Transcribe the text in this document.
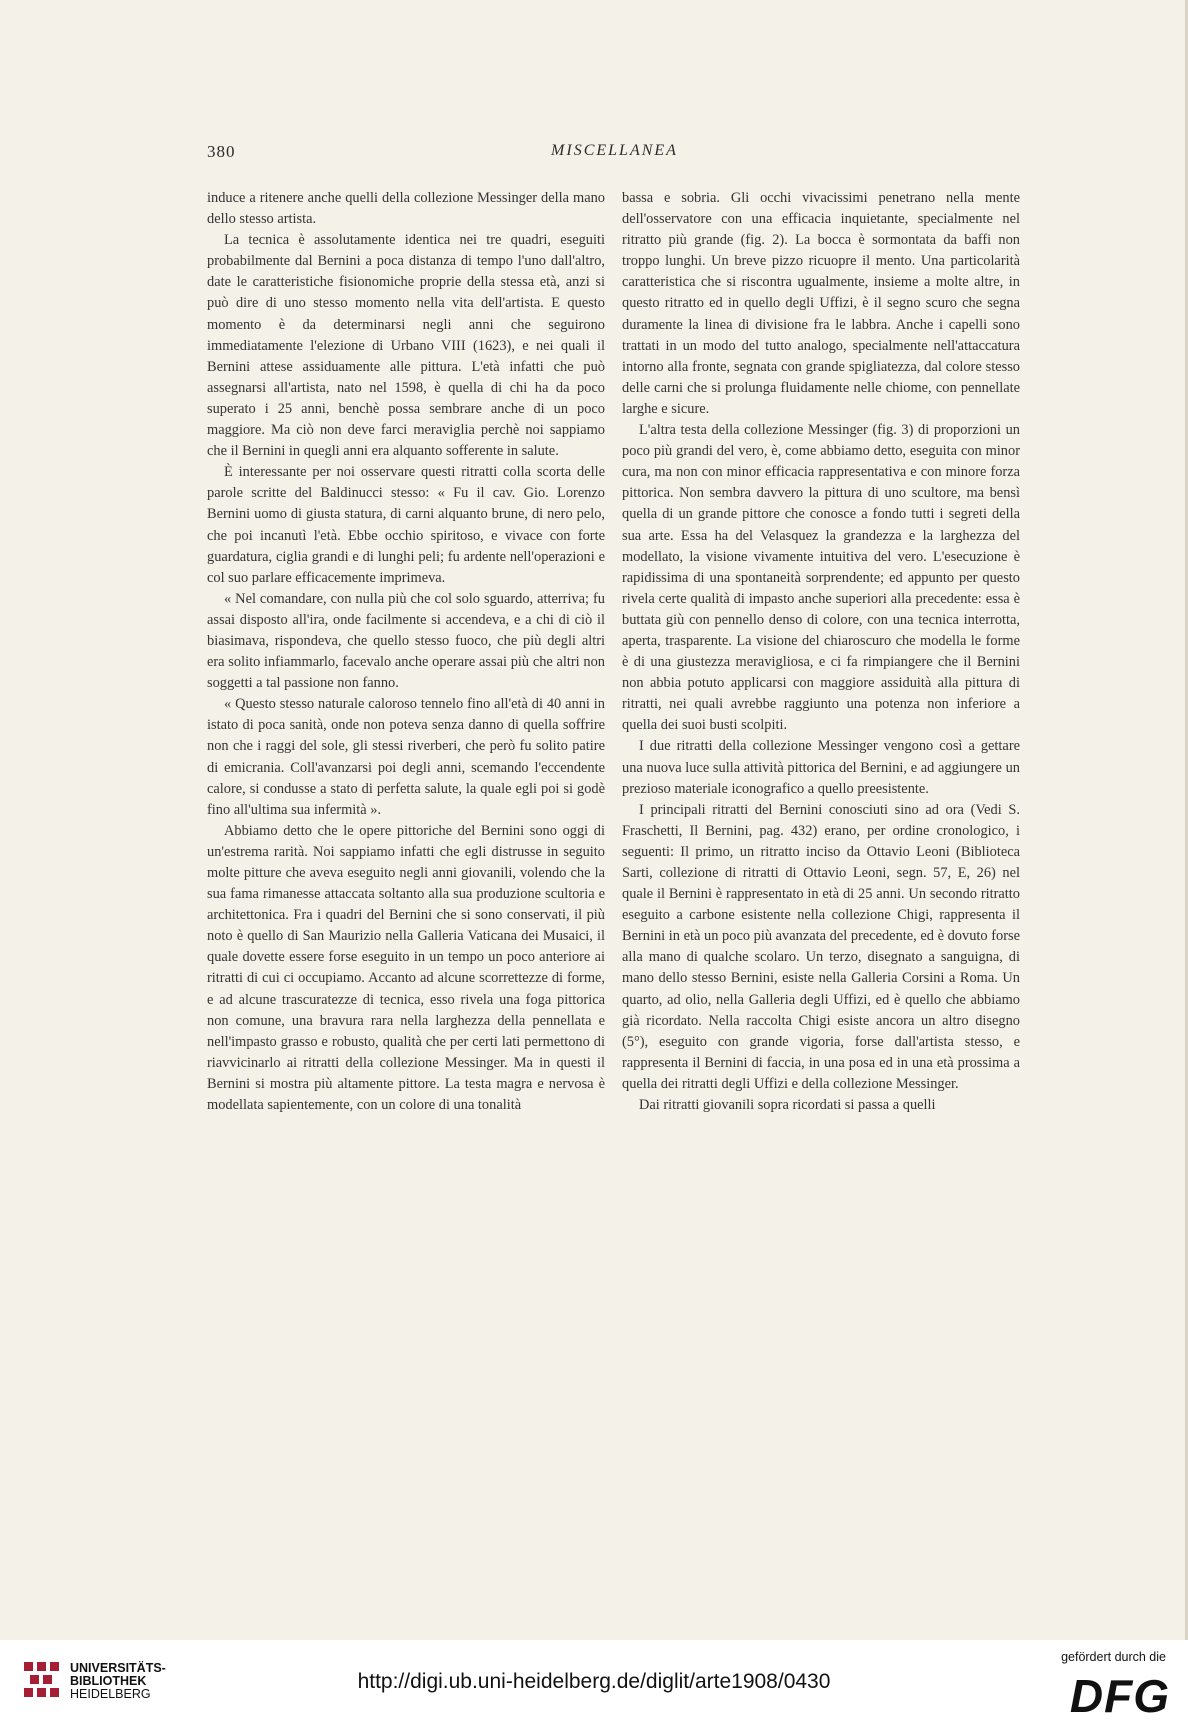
380	MISCELLANEA

induce a ritenere anche quelli della collezione Messinger della mano dello stesso artista.

La tecnica è assolutamente identica nei tre quadri, eseguiti probabilmente dal Bernini a poca distanza di tempo l'uno dall'altro, date le caratteristiche fisionomiche proprie della stessa età, anzi si può dire di uno stesso momento nella vita dell'artista. E questo momento è da determinarsi negli anni che seguirono immediatamente l'elezione di Urbano VIII (1623), e nei quali il Bernini attese assiduamente alle pittura. L'età infatti che può assegnarsi all'artista, nato nel 1598, è quella di chi ha da poco superato i 25 anni, benchè possa sembrare anche di un poco maggiore. Ma ciò non deve farci meraviglia perchè noi sappiamo che il Bernini in quegli anni era alquanto sofferente in salute.

È interessante per noi osservare questi ritratti colla scorta delle parole scritte del Baldinucci stesso: « Fu il cav. Gio. Lorenzo Bernini uomo di giusta statura, di carni alquanto brune, di nero pelo, che poi incanutì l'età. Ebbe occhio spiritoso, e vivace con forte guardatura, ciglia grandi e di lunghi peli; fu ardente nell'operazioni e col suo parlare efficacemente imprimeva.

« Nel comandare, con nulla più che col solo sguardo, atterriva; fu assai disposto all'ira, onde facilmente si accendeva, e a chi di ciò il biasimava, rispondeva, che quello stesso fuoco, che più degli altri era solito infiammarlo, facevalo anche operare assai più che altri non soggetti a tal passione non fanno.

« Questo stesso naturale caloroso tennelo fino all'età di 40 anni in istato di poca sanità, onde non poteva senza danno di quella soffrire non che i raggi del sole, gli stessi riverberi, che però fu solito patire di emicrania. Coll'avanzarsi poi degli anni, scemando l'eccendente calore, si condusse a stato di perfetta salute, la quale egli poi si godè fino all'ultima sua infermità ».

Abbiamo detto che le opere pittoriche del Bernini sono oggi di un'estrema rarità. Noi sappiamo infatti che egli distrusse in seguito molte pitture che aveva eseguito negli anni giovanili, volendo che la sua fama rimanesse attaccata soltanto alla sua produzione scultoria e architettonica. Fra i quadri del Bernini che si sono conservati, il più noto è quello di San Maurizio nella Galleria Vaticana dei Musaici, il quale dovette essere forse eseguito in un tempo un poco anteriore ai ritratti di cui ci occupiamo. Accanto ad alcune scorrettezze di forme, e ad alcune trascuratezze di tecnica, esso rivela una foga pittorica non comune, una bravura rara nella larghezza della pennellata e nell'impasto grasso e robusto, qualità che per certi lati permettono di riavvicinarlo ai ritratti della collezione Messinger. Ma in questi il Bernini si mostra più altamente pittore. La testa magra e nervosa è modellata sapientemente, con un colore di una tonalità

bassa e sobria. Gli occhi vivacissimi penetrano nella mente dell'osservatore con una efficacia inquietante, specialmente nel ritratto più grande (fig. 2). La bocca è sormontata da baffi non troppo lunghi. Un breve pizzo ricuopre il mento. Una particolarità caratteristica che si riscontra ugualmente, insieme a molte altre, in questo ritratto ed in quello degli Uffizi, è il segno scuro che segna duramente la linea di divisione fra le labbra. Anche i capelli sono trattati in un modo del tutto analogo, specialmente nell'attaccatura intorno alla fronte, segnata con grande spigliatezza, dal colore stesso delle carni che si prolunga fluidamente nelle chiome, con pennellate larghe e sicure.

L'altra testa della collezione Messinger (fig. 3) di proporzioni un poco più grandi del vero, è, come abbiamo detto, eseguita con minor cura, ma non con minor efficacia rappresentativa e con minore forza pittorica. Non sembra davvero la pittura di uno scultore, ma bensì quella di un grande pittore che conosce a fondo tutti i segreti della sua arte. Essa ha del Velasquez la grandezza e la larghezza del modellato, la visione vivamente intuitiva del vero. L'esecuzione è rapidissima di una spontaneità sorprendente; ed appunto per questo rivela certe qualità di impasto anche superiori alla precedente: essa è buttata giù con pennello denso di colore, con una tecnica interrotta, aperta, trasparente. La visione del chiaroscuro che modella le forme è di una giustezza meravigliosa, e ci fa rimpiangere che il Bernini non abbia potuto applicarsi con maggiore assiduità alla pittura di ritratti, nei quali avrebbe raggiunto una potenza non inferiore a quella dei suoi busti scolpiti.

I due ritratti della collezione Messinger vengono così a gettare una nuova luce sulla attività pittorica del Bernini, e ad aggiungere un prezioso materiale iconografico a quello preesistente.

I principali ritratti del Bernini conosciuti sino ad ora (Vedi S. Fraschetti, Il Bernini, pag. 432) erano, per ordine cronologico, i seguenti: Il primo, un ritratto inciso da Ottavio Leoni (Biblioteca Sarti, collezione di ritratti di Ottavio Leoni, segn. 57, E, 26) nel quale il Bernini è rappresentato in età di 25 anni. Un secondo ritratto eseguito a carbone esistente nella collezione Chigi, rappresenta il Bernini in età un poco più avanzata del precedente, ed è dovuto forse alla mano di qualche scolaro. Un terzo, disegnato a sanguigna, di mano dello stesso Bernini, esiste nella Galleria Corsini a Roma. Un quarto, ad olio, nella Galleria degli Uffizi, ed è quello che abbiamo già ricordato. Nella raccolta Chigi esiste ancora un altro disegno (5°), eseguito con grande vigoria, forse dall'artista stesso, e rappresenta il Bernini di faccia, in una posa ed in una età prossima a quella dei ritratti degli Uffizi e della collezione Messinger.

Dai ritratti giovanili sopra ricordati si passa a quelli

UNIVERSITÄTS-
BIBLIOTHEK
HEIDELBERG
http://digi.ub.uni-heidelberg.de/diglit/arte1908/0430
gefördert durch die
DFG
